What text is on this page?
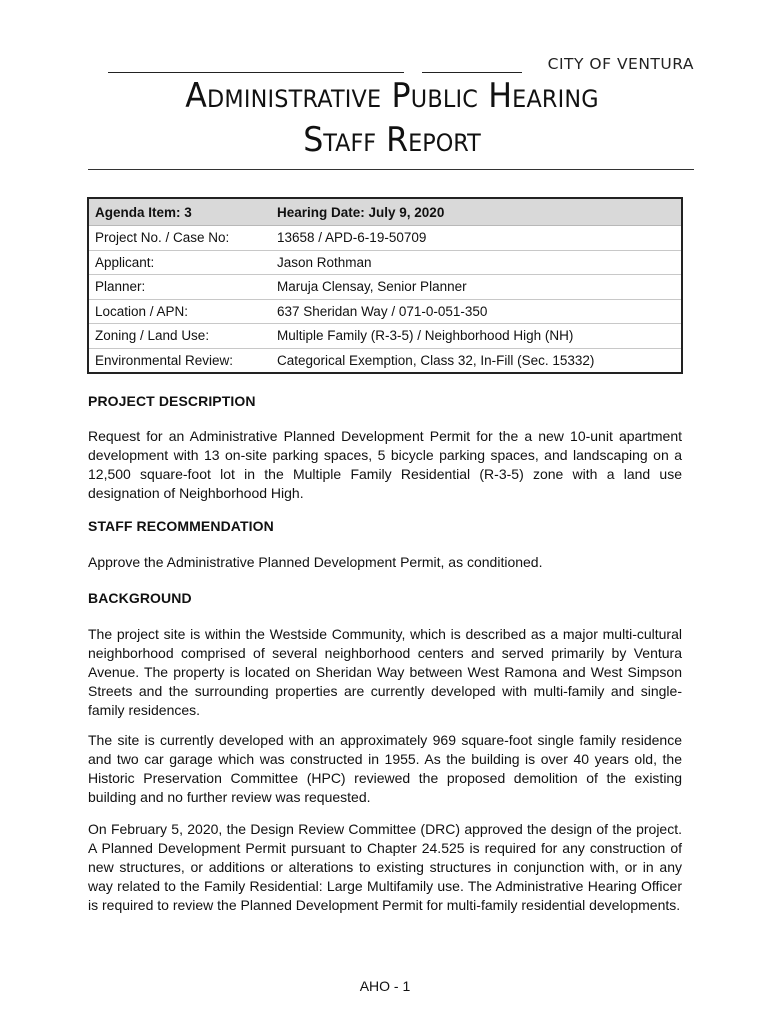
CITY OF VENTURA
Administrative Public Hearing
Staff Report
Agenda Item: 3	Hearing Date: July 9, 2020
Project No. / Case No:	13658 / APD-6-19-50709
Applicant:	Jason Rothman
Planner:	Maruja Clensay, Senior Planner
Location / APN:	637 Sheridan Way / 071-0-051-350
Zoning / Land Use:	Multiple Family (R-3-5) / Neighborhood High (NH)
Environmental Review:	Categorical Exemption, Class 32, In-Fill (Sec. 15332)
PROJECT DESCRIPTION

Request for an Administrative Planned Development Permit for the a new 10-unit apartment development with 13 on-site parking spaces, 5 bicycle parking spaces, and landscaping on a 12,500 square-foot lot in the Multiple Family Residential (R-3-5) zone with a land use designation of Neighborhood High.

STAFF RECOMMENDATION

Approve the Administrative Planned Development Permit, as conditioned.

BACKGROUND

The project site is within the Westside Community, which is described as a major multi-cultural neighborhood comprised of several neighborhood centers and served primarily by Ventura Avenue. The property is located on Sheridan Way between West Ramona and West Simpson Streets and the surrounding properties are currently developed with multi-family and single-family residences.

The site is currently developed with an approximately 969 square-foot single family residence and two car garage which was constructed in 1955. As the building is over 40 years old, the Historic Preservation Committee (HPC) reviewed the proposed demolition of the existing building and no further review was requested.

On February 5, 2020, the Design Review Committee (DRC) approved the design of the project. A Planned Development Permit pursuant to Chapter 24.525 is required for any construction of new structures, or additions or alterations to existing structures in conjunction with, or in any way related to the Family Residential: Large Multifamily use. The Administrative Hearing Officer is required to review the Planned Development Permit for multi-family residential developments.

AHO - 1
